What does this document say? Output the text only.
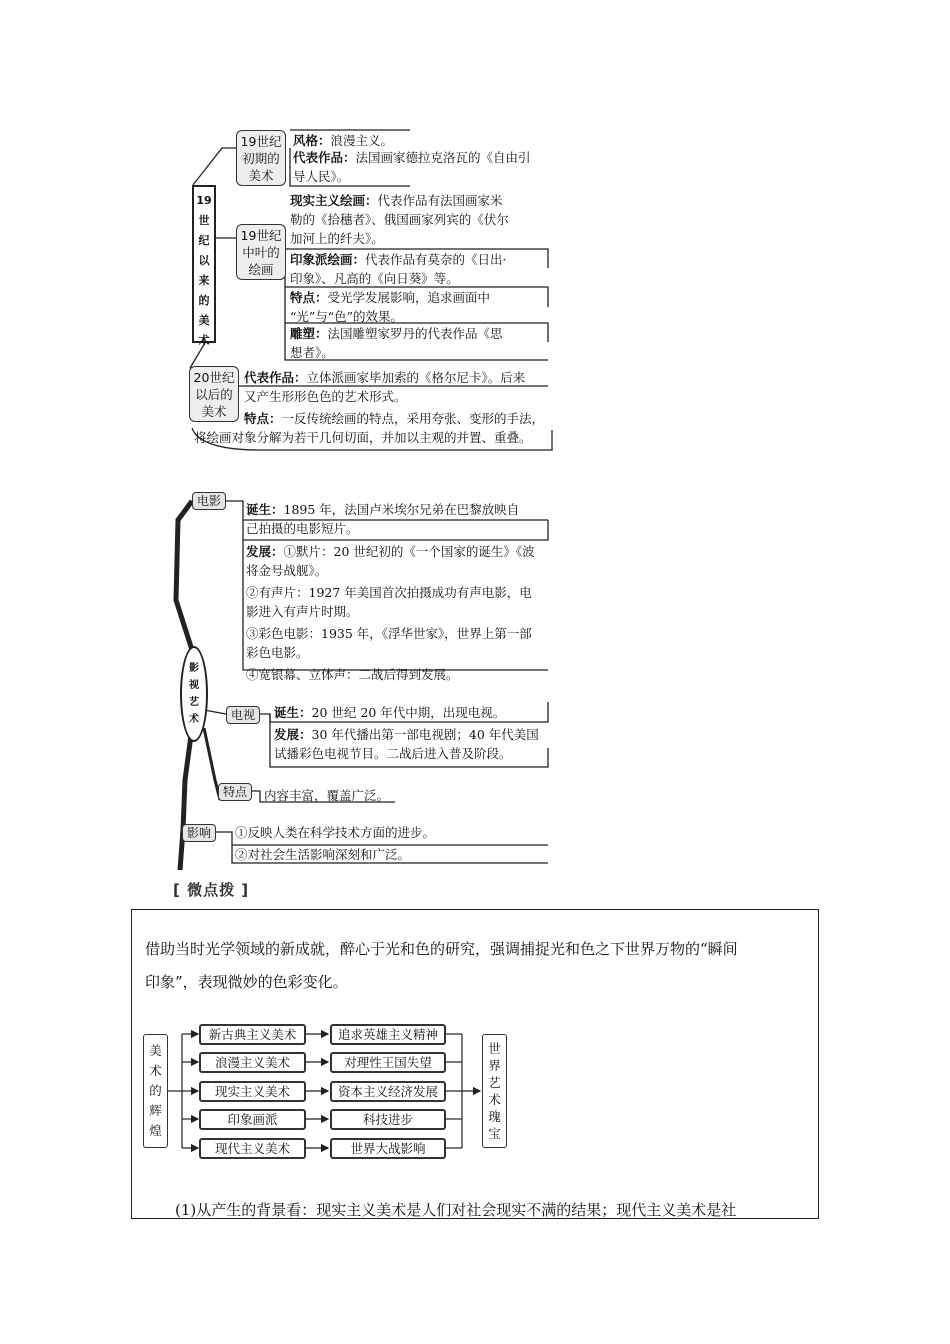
19
世
纪
以
来
的
美
术
19世纪
初期的
美术
19世纪
中叶的
绘画
20世纪
以后的
美术
风格：浪漫主义。
代表作品：法国画家德拉克洛瓦的《自由引
导人民》。
现实主义绘画：代表作品有法国画家米
勒的《拾穗者》、俄国画家列宾的《伏尔
加河上的纤夫》。
印象派绘画：代表作品有莫奈的《日出·
印象》、凡高的《向日葵》等。
特点：受光学发展影响，追求画面中
“光”与“色”的效果。
雕塑：法国雕塑家罗丹的代表作品《思
想者》。
代表作品：立体派画家毕加索的《格尔尼卡》。后来
又产生形形色色的艺术形式。
特点：一反传统绘画的特点，采用夸张、变形的手法，
将绘画对象分解为若干几何切面，并加以主观的并置、重叠。
影
视
艺
术
电影
电视
特点
影响
诞生：1895 年，法国卢米埃尔兄弟在巴黎放映自
己拍摄的电影短片。
发展：①默片：20 世纪初的《一个国家的诞生》《波
将金号战舰》。
②有声片：1927 年美国首次拍摄成功有声电影，电
影进入有声片时期。
③彩色电影：1935 年，《浮华世家》，世界上第一部
彩色电影。
④宽银幕、立体声：二战后得到发展。
诞生：20 世纪 20 年代中期，出现电视。
发展：30 年代播出第一部电视剧；40 年代美国
试播彩色电视节目。二战后进入普及阶段。
内容丰富，覆盖广泛。
①反映人类在科学技术方面的进步。
②对社会生活影响深刻和广泛。
[ 微点拨 ]
借助当时光学领域的新成就，醉心于光和色的研究，强调捕捉光和色之下世界万物的“瞬间
印象”，表现微妙的色彩变化。
美
术
的
辉
煌
新古典主义美术
浪漫主义美术
现实主义美术
印象画派
现代主义美术
追求英雄主义精神
对理性王国失望
资本主义经济发展
科技进步
世界大战影响
世
界
艺
术
瑰
宝
(1)从产生的背景看：现实主义美术是人们对社会现实不满的结果；现代主义美术是社
